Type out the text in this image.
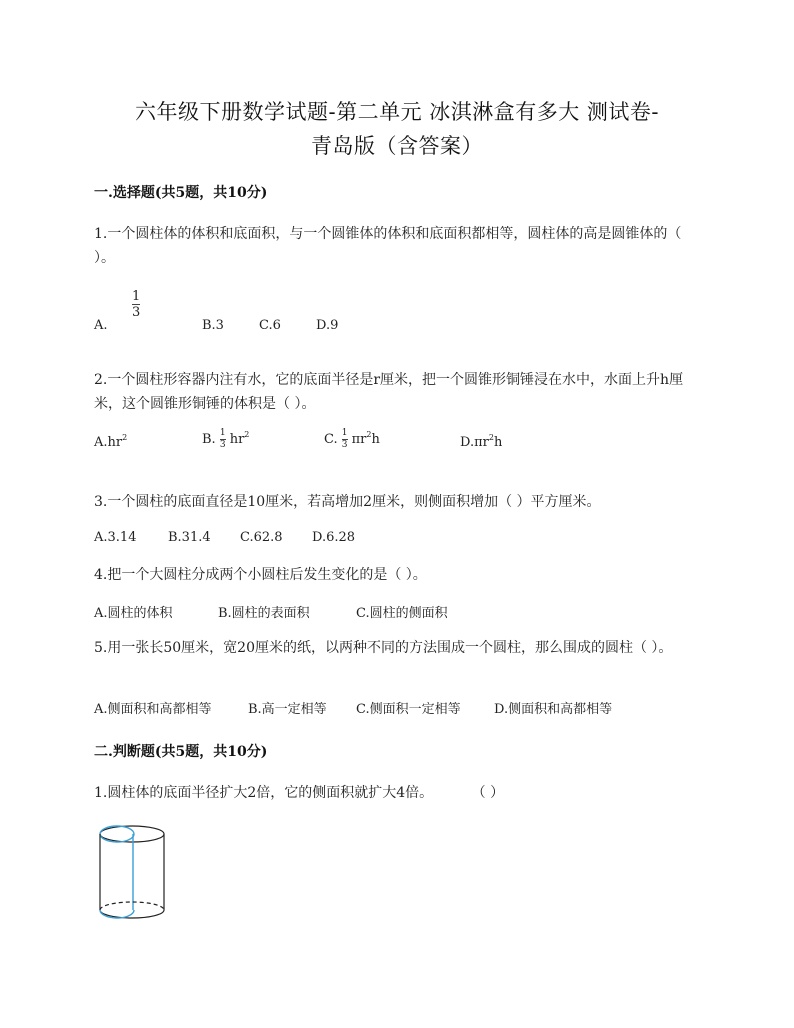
六年级下册数学试题-第二单元 冰淇淋盒有多大 测试卷-
青岛版（含答案）
一.选择题(共5题，共10分)
1.一个圆柱体的体积和底面积，与一个圆锥体的体积和底面积都相等，圆柱体的高是圆锥体的（ ）。
A.
$\frac{1}{3}$
B.3	C.6	D.9
2.一个圆柱形容器内注有水，它的底面半径是r厘米，把一个圆锥形铜锤浸在水中，水面上升h厘米，这个圆锥形铜锤的体积是（ ）。
$A.hr^2$	B. $\frac{1}{3} hr^2$	C. $\frac{1}{3} \pi r^2h$	$D.\pi r^2h$
3.一个圆柱的底面直径是10厘米，若高增加2厘米，则侧面积增加（ ）平方厘米。
A.3.14 B.31.4 C.62.8 D.6.28
4.把一个大圆柱分成两个小圆柱后发生变化的是（ ）。
A.圆柱的体积	B.圆柱的表面积	C.圆柱的侧面积
5.用一张长50厘米，宽20厘米的纸，以两种不同的方法围成一个圆柱，那么围成的圆柱（ ）。
A.侧面积和高都相等	B.高一定相等 C.侧面积一定相等	D.侧面积和高都相等
二.判断题(共5题，共10分)
1.圆柱体的底面半径扩大2倍，它的侧面积就扩大4倍。	（ ）
